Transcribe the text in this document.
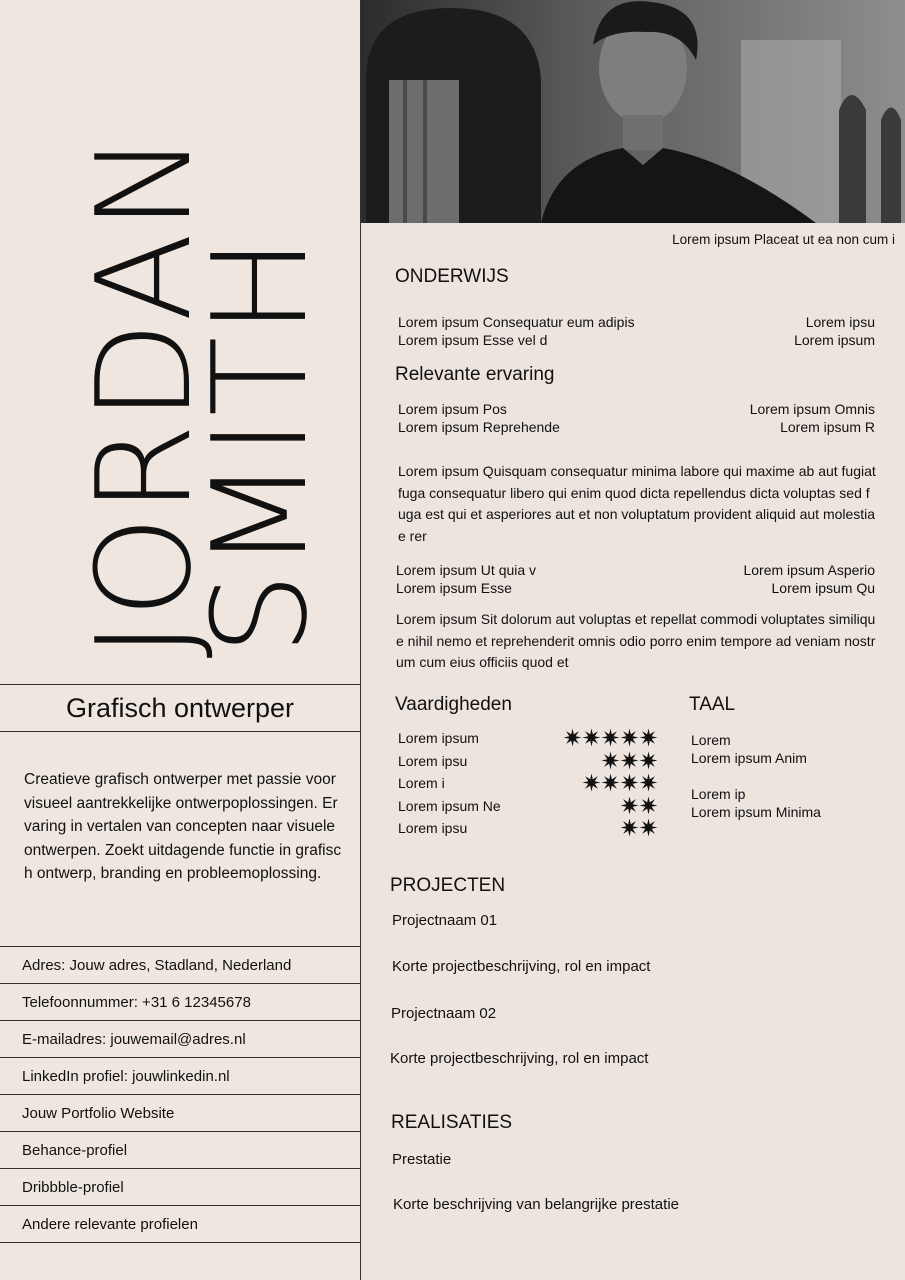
JORDAN
SMITH
Grafisch ontwerper
Creatieve grafisch ontwerper met passie voor visueel aantrekkelijke ontwerpoplossingen. Ervaring in vertalen van concepten naar visuele ontwerpen. Zoekt uitdagende functie in grafisch ontwerp, branding en probleemoplossing.
Adres: Jouw adres, Stadland, Nederland
Telefoonnummer: +31 6 12345678
E-mailadres: jouwemail@adres.nl
LinkedIn profiel: jouwlinkedin.nl
Jouw Portfolio Website
Behance-profiel
Dribbble-profiel
Andere relevante profielen
Lorem ipsum Placeat ut ea non cum i
ONDERWIJS
Lorem ipsum Consequatur eum adipis
Lorem ipsum Esse vel d
Lorem ipsu
Lorem ipsum
Relevante ervaring
Lorem ipsum Pos
Lorem ipsum Reprehende
Lorem ipsum Omnis
Lorem ipsum R
Lorem ipsum Quisquam consequatur minima labore qui maxime ab aut fugiat fuga consequatur libero qui enim quod dicta repellendus dicta voluptas sed fuga est qui et asperiores aut et non voluptatum provident aliquid aut molestiae rer
Lorem ipsum Ut quia v
Lorem ipsum Esse
Lorem ipsum Asperio
Lorem ipsum Qu
Lorem ipsum Sit dolorum aut voluptas et repellat commodi voluptates similique nihil nemo et reprehenderit omnis odio porro enim tempore ad veniam nostrum cum eius officiis quod et
Vaardigheden
Lorem ipsum
Lorem ipsu
Lorem i
Lorem ipsum Ne
Lorem ipsu
TAAL
Lorem
Lorem ipsum Anim
Lorem ip
Lorem ipsum Minima
PROJECTEN
Projectnaam 01
Korte projectbeschrijving, rol en impact
Projectnaam 02
Korte projectbeschrijving, rol en impact
REALISATIES
Prestatie
Korte beschrijving van belangrijke prestatie
